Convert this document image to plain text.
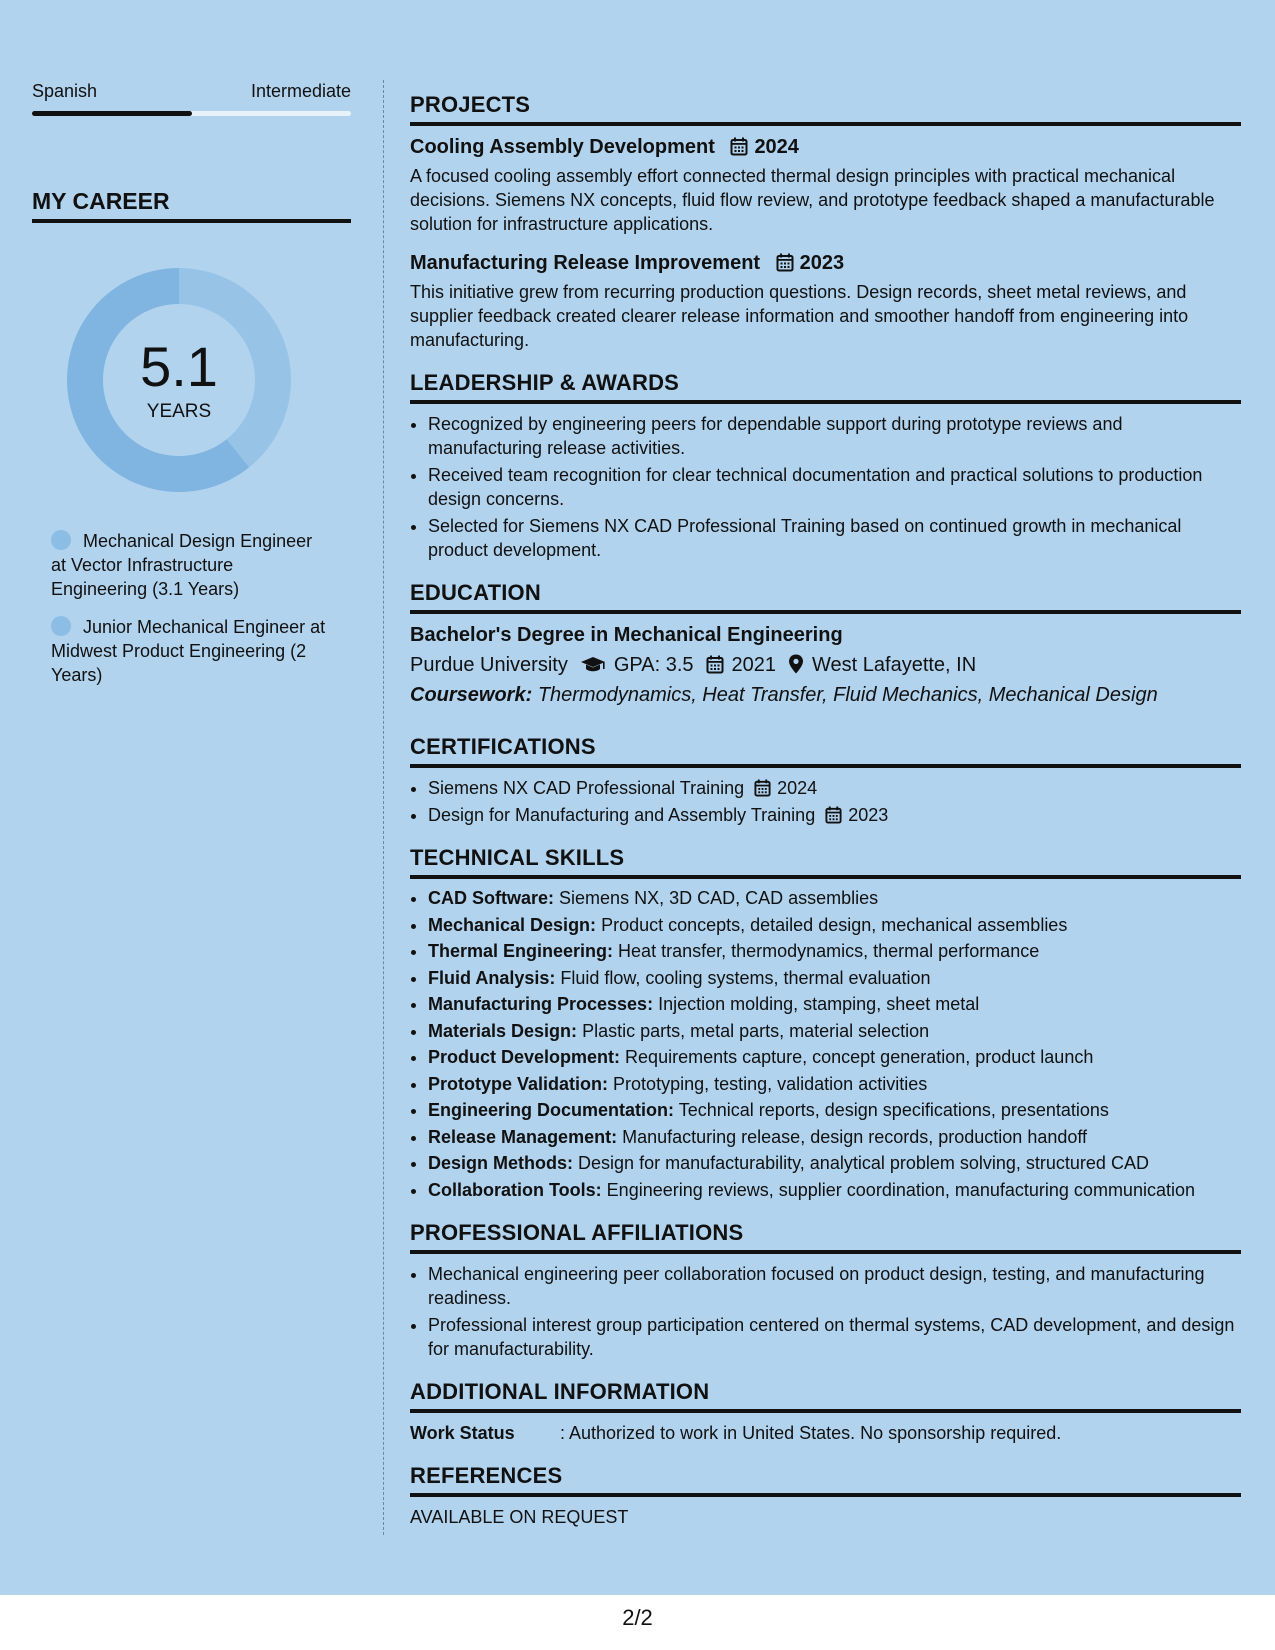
Spanish	Intermediate
MY CAREER
5.1
YEARS
Mechanical Design Engineer at Vector Infrastructure Engineering (3.1 Years)
Junior Mechanical Engineer at Midwest Product Engineering (2 Years)
PROJECTS
Cooling Assembly Development 2024
A focused cooling assembly effort connected thermal design principles with practical mechanical decisions. Siemens NX concepts, fluid flow review, and prototype feedback shaped a manufacturable solution for infrastructure applications.
Manufacturing Release Improvement 2023
This initiative grew from recurring production questions. Design records, sheet metal reviews, and supplier feedback created clearer release information and smoother handoff from engineering into manufacturing.
LEADERSHIP & AWARDS
• Recognized by engineering peers for dependable support during prototype reviews and manufacturing release activities.
• Received team recognition for clear technical documentation and practical solutions to production design concerns.
• Selected for Siemens NX CAD Professional Training based on continued growth in mechanical product development.
EDUCATION
Bachelor's Degree in Mechanical Engineering
Purdue University GPA: 3.5 2021 West Lafayette, IN
Coursework: Thermodynamics, Heat Transfer, Fluid Mechanics, Mechanical Design
CERTIFICATIONS
• Siemens NX CAD Professional Training 2024
• Design for Manufacturing and Assembly Training 2023
TECHNICAL SKILLS
• CAD Software: Siemens NX, 3D CAD, CAD assemblies
• Mechanical Design: Product concepts, detailed design, mechanical assemblies
• Thermal Engineering: Heat transfer, thermodynamics, thermal performance
• Fluid Analysis: Fluid flow, cooling systems, thermal evaluation
• Manufacturing Processes: Injection molding, stamping, sheet metal
• Materials Design: Plastic parts, metal parts, material selection
• Product Development: Requirements capture, concept generation, product launch
• Prototype Validation: Prototyping, testing, validation activities
• Engineering Documentation: Technical reports, design specifications, presentations
• Release Management: Manufacturing release, design records, production handoff
• Design Methods: Design for manufacturability, analytical problem solving, structured CAD
• Collaboration Tools: Engineering reviews, supplier coordination, manufacturing communication
PROFESSIONAL AFFILIATIONS
• Mechanical engineering peer collaboration focused on product design, testing, and manufacturing readiness.
• Professional interest group participation centered on thermal systems, CAD development, and design for manufacturability.
ADDITIONAL INFORMATION
Work Status	: Authorized to work in United States. No sponsorship required.
REFERENCES
AVAILABLE ON REQUEST
2/2
